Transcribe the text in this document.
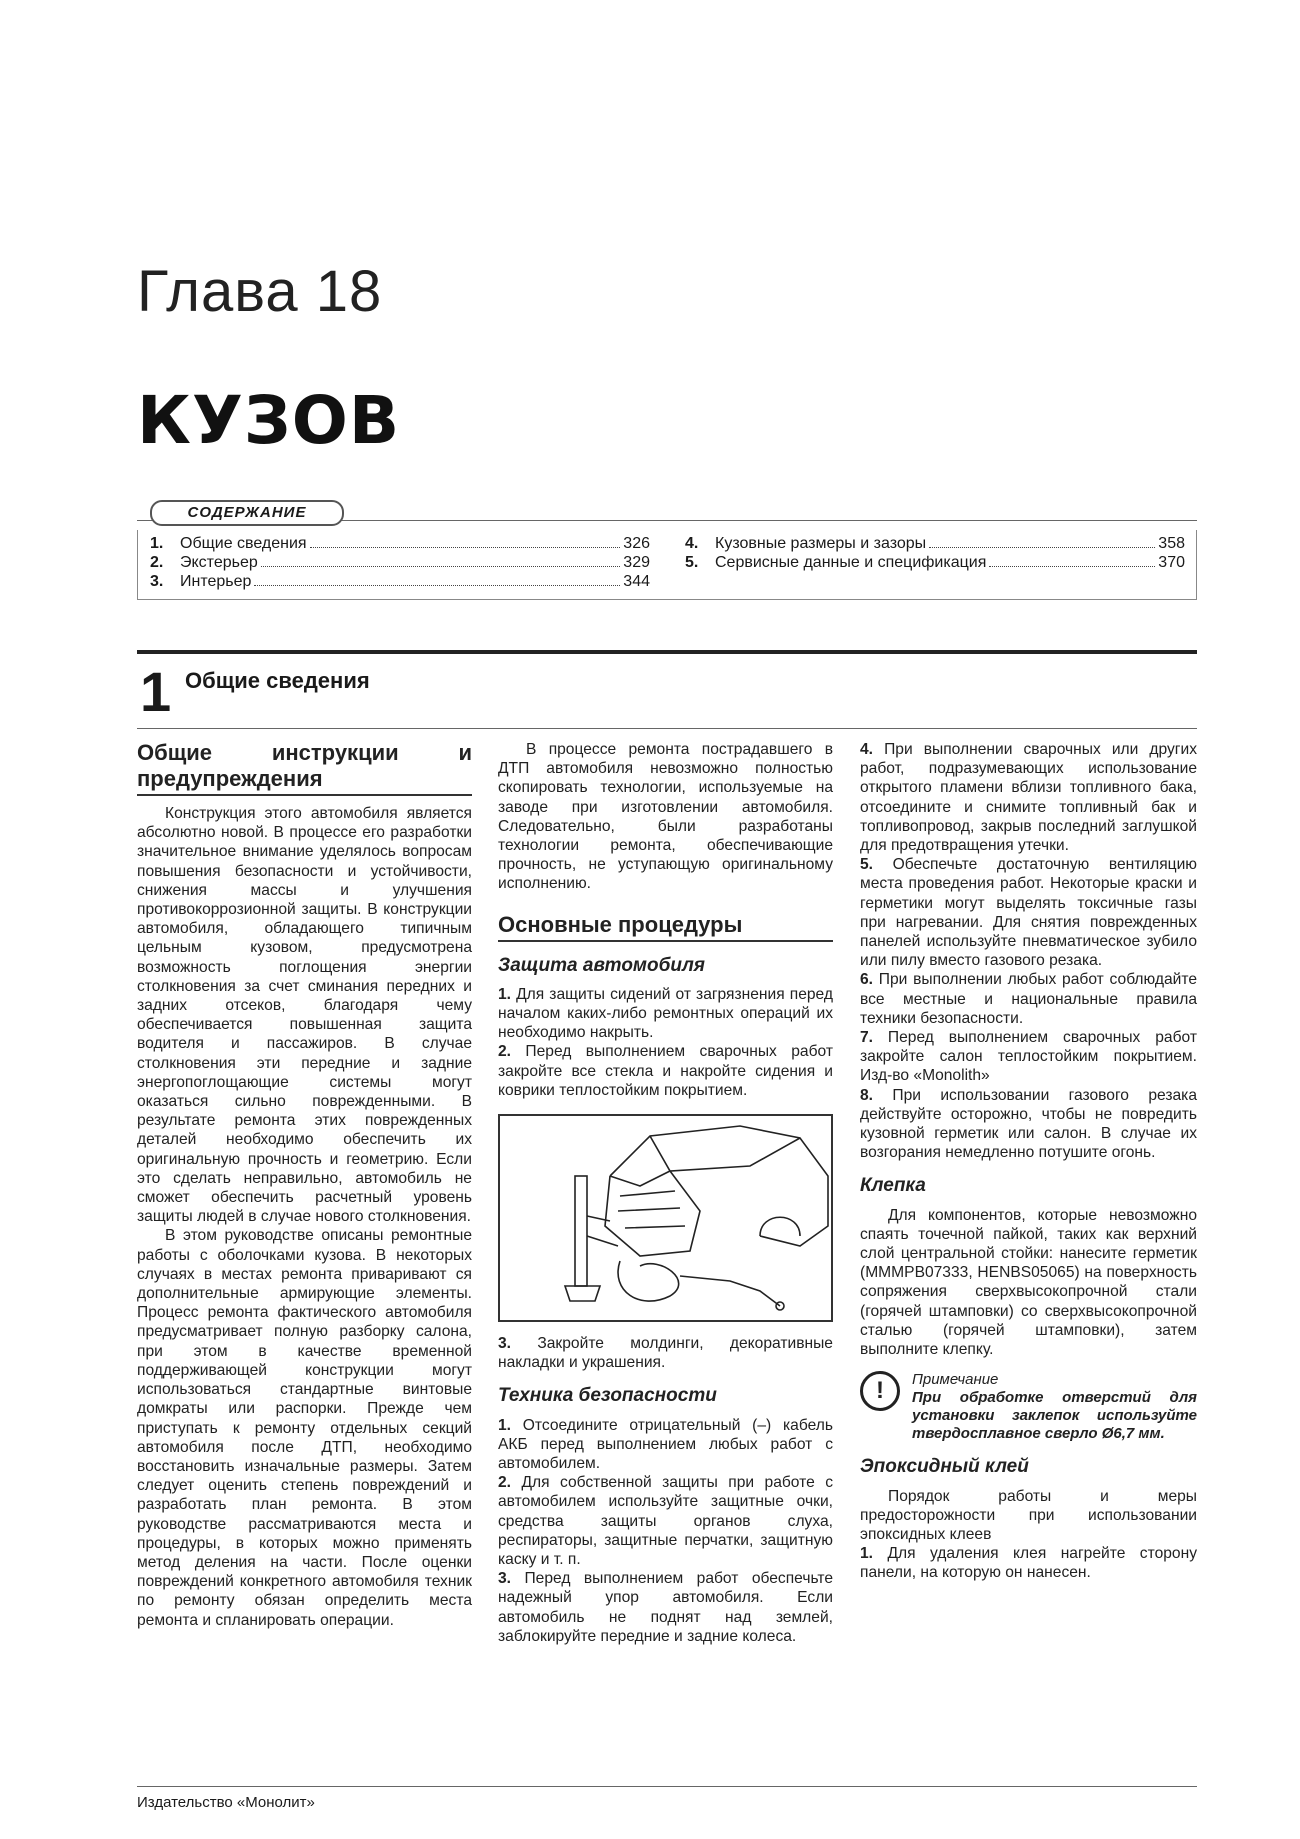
Глава 18
КУЗОВ
СОДЕРЖАНИЕ
1.	Общие сведения	326
2.	Экстерьер	329
3.	Интерьер	344
4.	Кузовные размеры и зазоры	358
5.	Сервисные данные и спецификация	370
1 Общие сведения
Общие инструкции и предупреждения

Конструкция этого автомобиля является абсолютно новой. В процессе его разработки значительное внимание уделялось вопросам повышения безопасности и устойчивости, снижения массы и улучшения противокоррозионной защиты. В конструкции автомобиля, обладающего типичным цельным кузовом, предусмотрена возможность поглощения энергии столкновения за счет сминания передних и задних отсеков, благодаря чему обеспечивается повышенная защита водителя и пассажиров. В случае столкновения эти передние и задние энергопоглощающие системы могут оказаться сильно поврежденными. В результате ремонта этих поврежденных деталей необходимо обеспечить их оригинальную прочность и геометрию. Если это сделать неправильно, автомобиль не сможет обеспечить расчетный уровень защиты людей в случае нового столкновения.

В этом руководстве описаны ремонтные работы с оболочками кузова. В некоторых случаях в местах ремонта приваривают ся дополнительные армирующие элементы. Процесс ремонта фактического автомобиля предусматривает полную разборку салона, при этом в качестве временной поддерживающей конструкции могут использоваться стандартные винтовые домкраты или распорки. Прежде чем приступать к ремонту отдельных секций автомобиля после ДТП, необходимо восстановить изначальные размеры. Затем следует оценить степень повреждений и разработать план ремонта. В этом руководстве рассматриваются места и процедуры, в которых можно применять метод деления на части. После оценки повреждений конкретного автомобиля техник по ремонту обязан определить места ремонта и спланировать операции.

В процессе ремонта пострадавшего в ДТП автомобиля невозможно полностью скопировать технологии, используемые на заводе при изготовлении автомобиля. Следовательно, были разработаны технологии ремонта, обеспечивающие прочность, не уступающую оригинальному исполнению.

Основные процедуры
Защита автомобиля

1. Для защиты сидений от загрязнения перед началом каких-либо ремонтных операций их необходимо накрыть.

2. Перед выполнением сварочных работ закройте все стекла и накройте сидения и коврики теплостойким покрытием.

3. Закройте молдинги, декоративные накладки и украшения.

Техника безопасности

1. Отсоедините отрицательный (–) кабель АКБ перед выполнением любых работ с автомобилем.

2. Для собственной защиты при работе с автомобилем используйте защитные очки, средства защиты органов слуха, респираторы, защитные перчатки, защитную каску и т. п.

3. Перед выполнением работ обеспечьте надежный упор автомобиля. Если автомобиль не поднят над землей, заблокируйте передние и задние колеса.

4. При выполнении сварочных или других работ, подразумевающих использование открытого пламени вблизи топливного бака, отсоедините и снимите топливный бак и топливопровод, закрыв последний заглушкой для предотвращения утечки.

5. Обеспечьте достаточную вентиляцию места проведения работ. Некоторые краски и герметики могут выделять токсичные газы при нагревании. Для снятия поврежденных панелей используйте пневматическое зубило или пилу вместо газового резака.

6. При выполнении любых работ соблюдайте все местные и национальные правила техники безопасности.

7. Перед выполнением сварочных работ закройте салон теплостойким покрытием. Изд-во «Monolith»

8. При использовании газового резака действуйте осторожно, чтобы не повредить кузовной герметик или салон. В случае их возгорания немедленно потушите огонь.

Клепка

Для компонентов, которые невозможно спаять точечной пайкой, таких как верхний слой центральной стойки: нанесите герметик (MMMPB07333, HENBS05065) на поверхность сопряжения сверхвысокопрочной стали (горячей штамповки) со сверхвысокопрочной сталью (горячей штамповки), затем выполните клепку.

!	Примечание
При обработке отверстий для установки заклепок используйте твердосплавное сверло Ø6,7 мм.
Эпоксидный клей

Порядок работы и меры предосторожности при использовании эпоксидных клеев

1. Для удаления клея нагрейте сторону панели, на которую он нанесен.

Издательство «Монолит»
